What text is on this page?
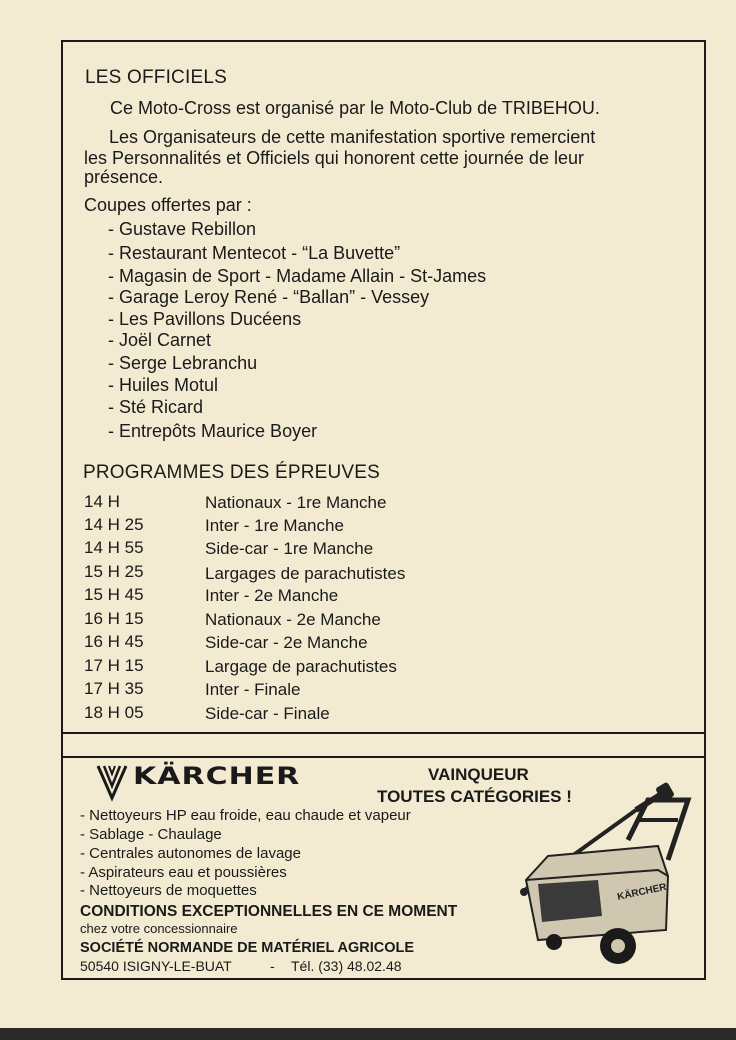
LES OFFICIELS
Ce Moto-Cross est organisé par le Moto-Club de TRIBEHOU.
Les Organisateurs de cette manifestation sportive remercient
les Personnalités et Officiels qui honorent cette journée de leur
présence.
Coupes offertes par :
- Gustave Rebillon
- Restaurant Mentecot - “La Buvette”
- Magasin de Sport - Madame Allain - St-James
- Garage Leroy René - “Ballan” - Vessey
- Les Pavillons Ducéens
- Joël Carnet
- Serge Lebranchu
- Huiles Motul
- Sté Ricard
- Entrepôts Maurice Boyer
PROGRAMMES DES ÉPREUVES
14 H	Nationaux - 1re Manche
14 H 25	Inter - 1re Manche
14 H 55	Side-car - 1re Manche
15 H 25	Largages de parachutistes
15 H 45	Inter - 2e Manche
16 H 15	Nationaux - 2e Manche
16 H 45	Side-car - 2e Manche
17 H 15	Largage de parachutistes
17 H 35	Inter - Finale
18 H 05	Side-car - Finale
KÄRCHER	VAINQUEUR
TOUTES CATÉGORIES !
- Nettoyeurs HP eau froide, eau chaude et vapeur
- Sablage - Chaulage
- Centrales autonomes de lavage
- Aspirateurs eau et poussières
- Nettoyeurs de moquettes
CONDITIONS EXCEPTIONNELLES EN CE MOMENT
chez votre concessionnaire
SOCIÉTÉ NORMANDE DE MATÉRIEL AGRICOLE
50540 ISIGNY-LE-BUAT	- Tél. (33) 48.02.48
KÄRCHER
